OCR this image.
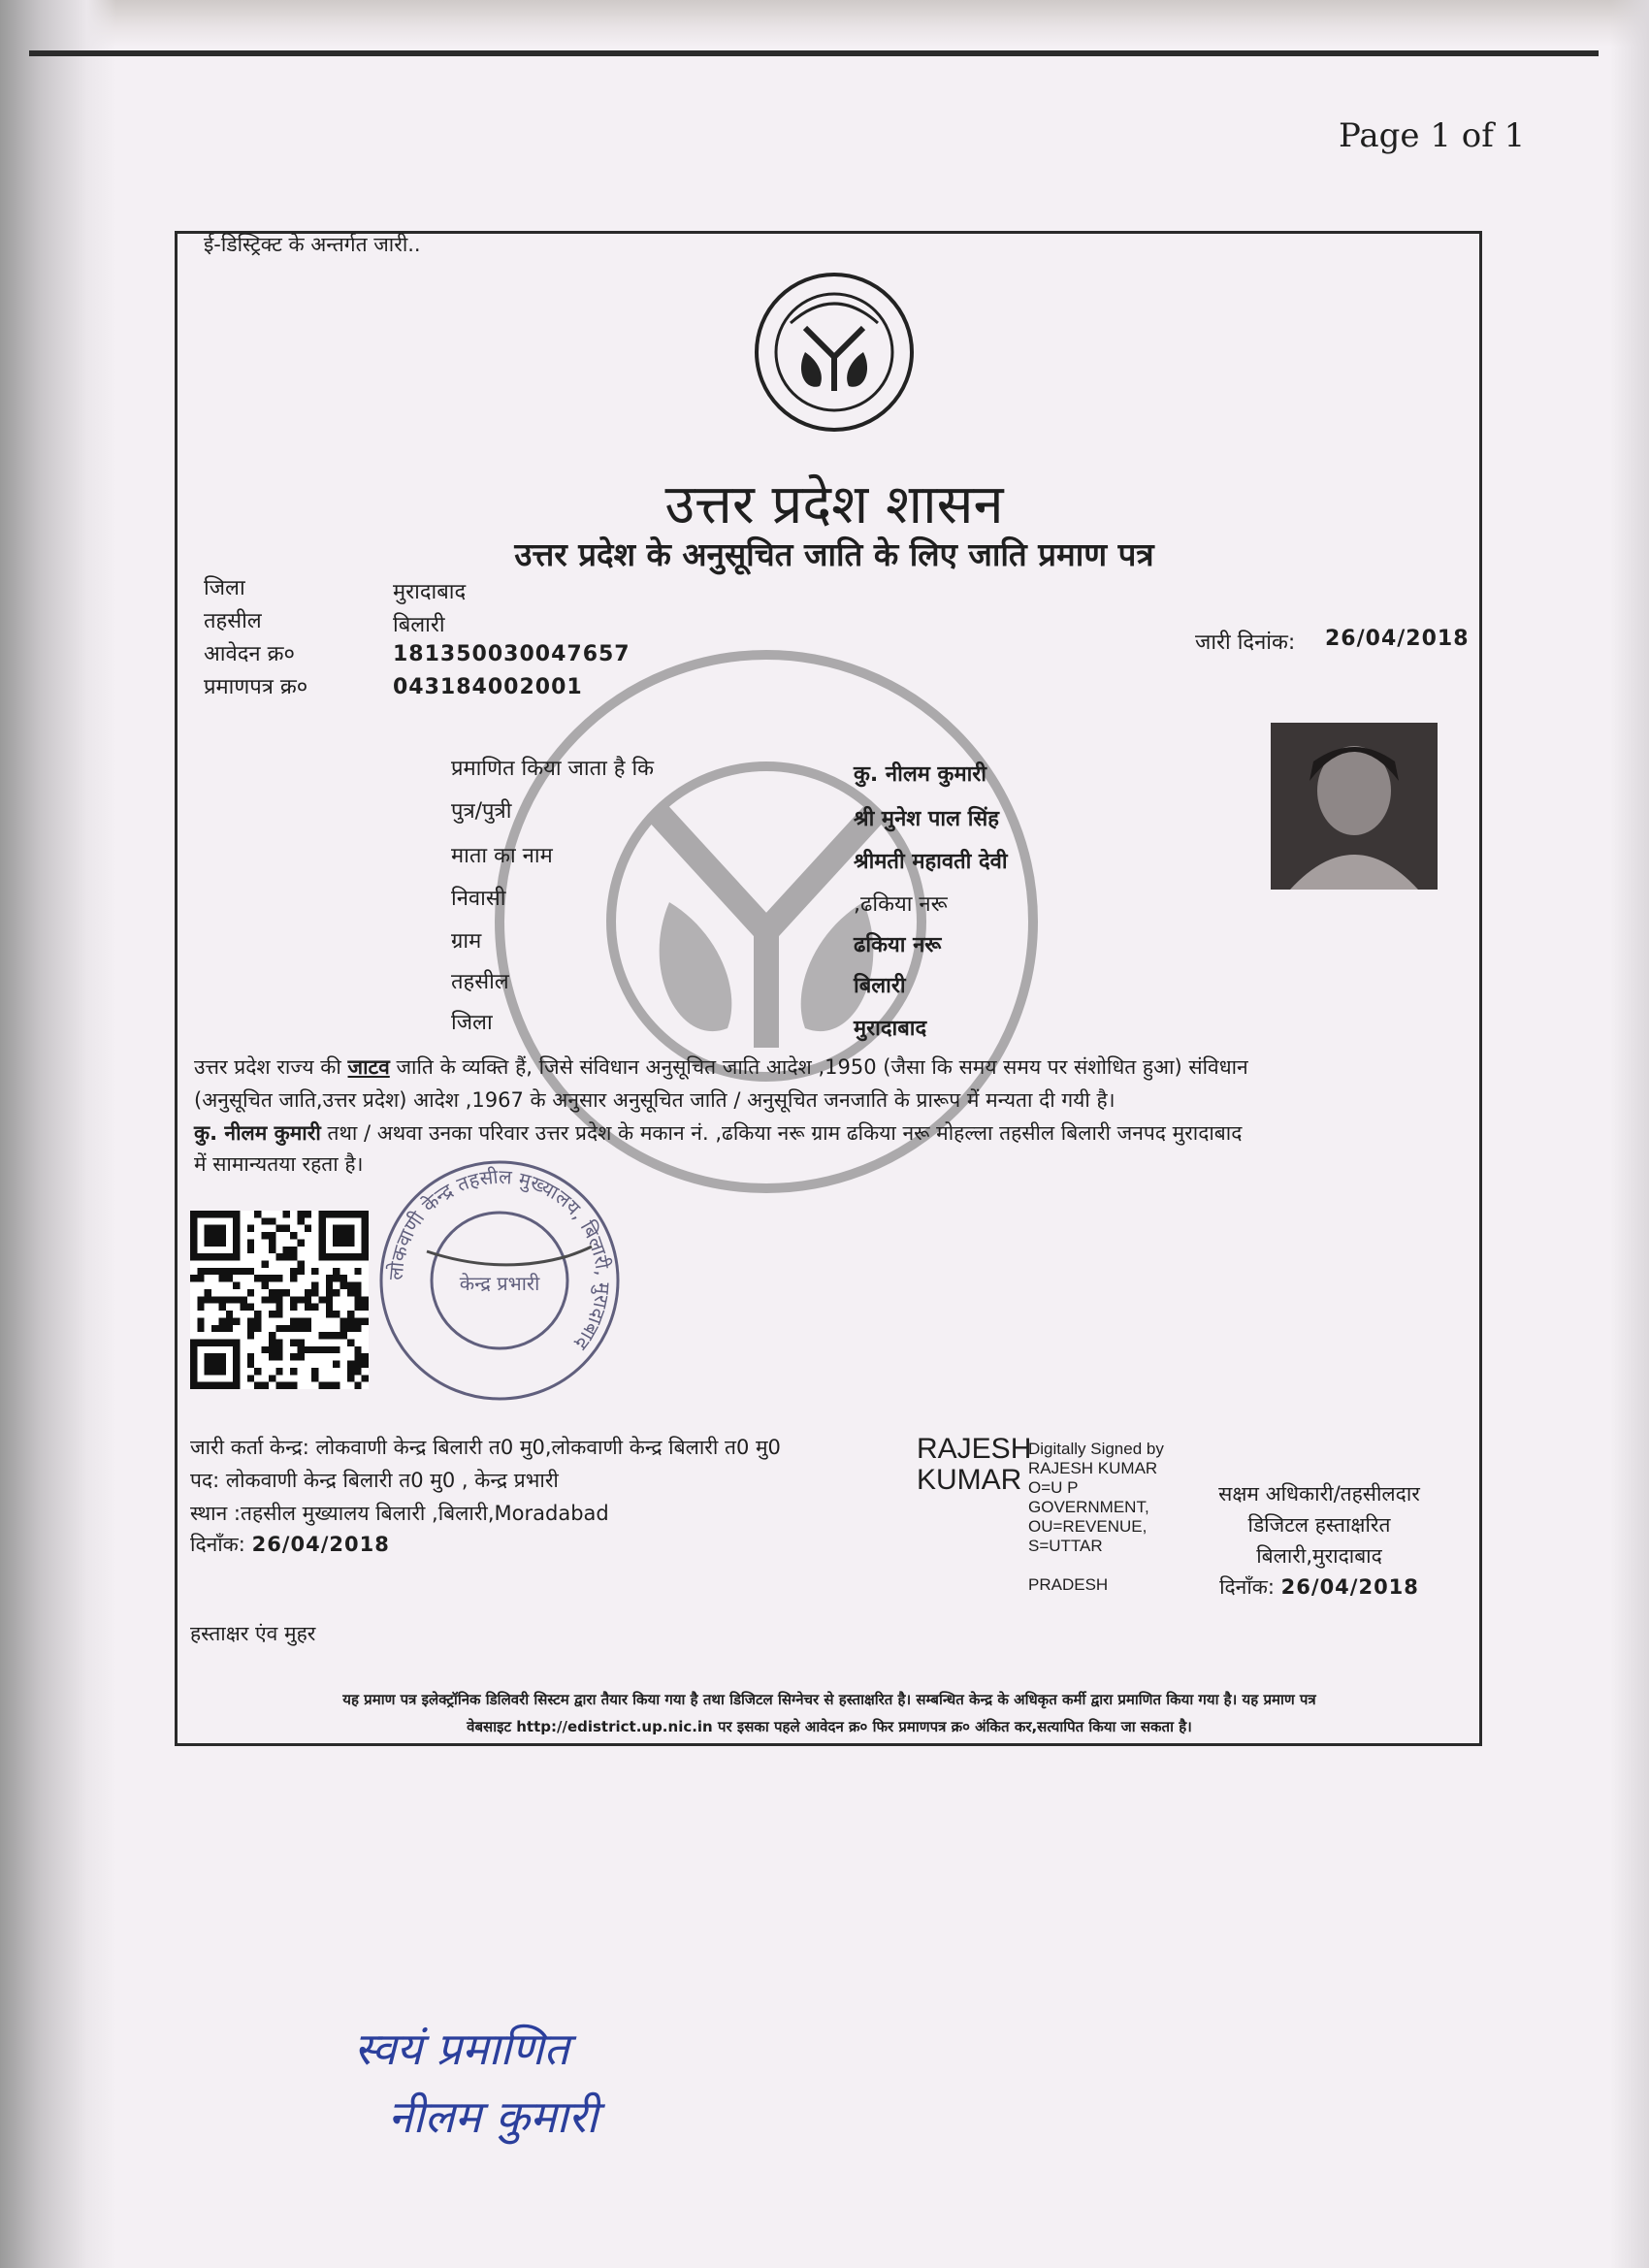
Page 1 of 1
ई-डिस्ट्रिक्ट के अन्तर्गत जारी..
उत्तर प्रदेश शासन
उत्तर प्रदेश के अनुसूचित जाति के लिए जाति प्रमाण पत्र
जिला	मुरादाबाद
तहसील	बिलारी
आवेदन क्र०	181350030047657
प्रमाणपत्र क्र०	043184002001
जारी दिनांक: 26/04/2018
प्रमाणित किया जाता है कि	कु. नीलम कुमारी
पुत्र/पुत्री	श्री मुनेश पाल सिंह
माता का नाम	श्रीमती महावती देवी
निवासी	,ढकिया नरू
ग्राम	ढकिया नरू
तहसील	बिलारी
जिला	मुरादाबाद
उत्तर प्रदेश राज्य की जाटव जाति के व्यक्ति हैं, जिसे संविधान अनुसूचित जाति आदेश ,1950 (जैसा कि समय समय पर संशोधित हुआ) संविधान
(अनुसूचित जाति,उत्तर प्रदेश) आदेश ,1967 के अनुसार अनुसूचित जाति / अनुसूचित जनजाति के प्रारूप में मन्यता दी गयी है।
कु. नीलम कुमारी तथा / अथवा उनका परिवार उत्तर प्रदेश के मकान नं. ,ढकिया नरू ग्राम ढकिया नरू मोहल्ला तहसील बिलारी जनपद मुरादाबाद
में सामान्यतया रहता है।
लोकवाणी केन्द्र तहसील मुख्यालय, बिलारी, मुरादाबाद
केन्द्र प्रभारी
जारी कर्ता केन्द्र: लोकवाणी केन्द्र बिलारी त0 मु0,लोकवाणी केन्द्र बिलारी त0 मु0
पद: लोकवाणी केन्द्र बिलारी त0 मु0 , केन्द्र प्रभारी
स्थान :तहसील मुख्यालय बिलारी ,बिलारी,Moradabad
दिनाँक: 26/04/2018
RAJESH
KUMAR
Digitally Signed by
RAJESH KUMAR
O=U P
GOVERNMENT,
OU=REVENUE,
S=UTTAR
PRADESH
सक्षम अधिकारी/तहसीलदार
डिजिटल हस्ताक्षरित
बिलारी,मुरादाबाद
दिनाँक: 26/04/2018
हस्ताक्षर एंव मुहर
यह प्रमाण पत्र इलेक्ट्रॉनिक डिलिवरी सिस्टम द्वारा तैयार किया गया है तथा डिजिटल सिग्नेचर से हस्ताक्षरित है। सम्बन्धित केन्द्र के अधिकृत कर्मी द्वारा प्रमाणित किया गया है। यह प्रमाण पत्र
वेबसाइट http://edistrict.up.nic.in पर इसका पहले आवेदन क्र० फिर प्रमाणपत्र क्र० अंकित कर,सत्यापित किया जा सकता है।
स्वयं प्रमाणित
नीलम कुमारी
